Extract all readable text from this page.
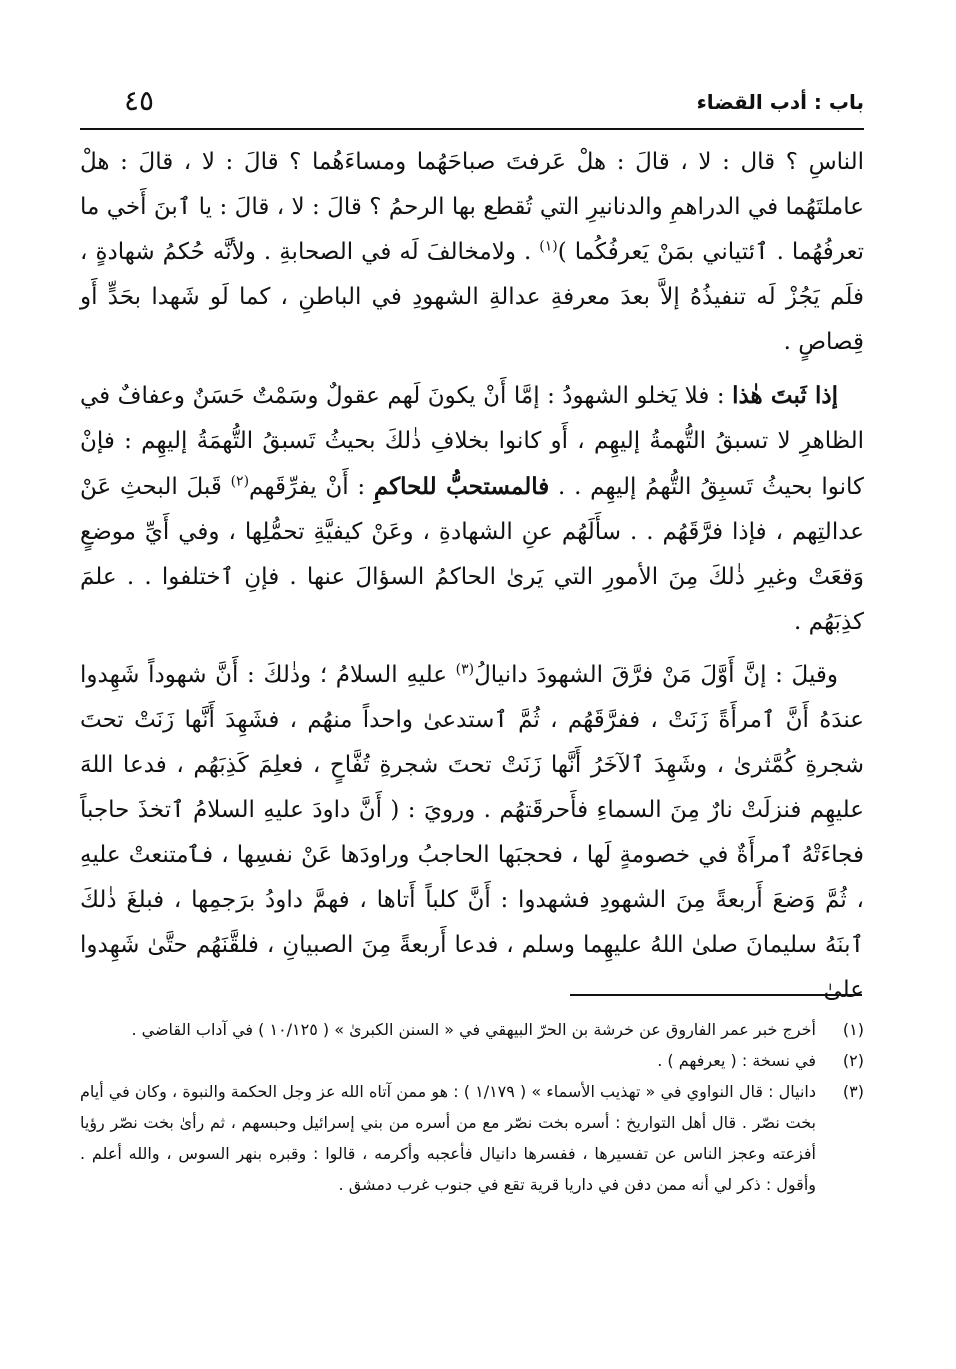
باب : أدب القضاء
٤٥

الناسِ ؟ قال : لا ، قالَ : هلْ عَرفتَ صباحَهُما ومساءَهُما ؟ قالَ : لا ، قالَ : هلْ عاملتَهُما في الدراهمِ والدنانيرِ التي تُقطع بها الرحمُ ؟ قالَ : لا ، قالَ : يا ٱبنَ أَخي ما تعرفُهُما . ٱئتياني بمَنْ يَعرفُكُما )$^{(١)}$ . ولامخالفَ لَه في الصحابةِ . ولأنَّه حُكمُ شهادةٍ ، فلَم يَجُزْ لَه تنفيذُهُ إلاَّ بعدَ معرفةِ عدالةِ الشهودِ في الباطنِ ، كما لَو شَهدا بحَدٍّ أَو قِصاصٍ .

إذا ثَبتَ هٰذا : فلا يَخلو الشهودُ : إمَّا أَنْ يكونَ لَهم عقولٌ وسَمْتٌ حَسَنٌ وعفافٌ في الظاهرِ لا تسبقُ التُّهمةُ إليهِم ، أَو كانوا بخلافِ ذٰلكَ بحيثُ تَسبقُ التُّهمَةُ إليهِم : فإنْ كانوا بحيثُ تَسبِقُ التُّهمُ إليهِم . . فالمستحبُّ للحاكمِ : أَنْ يفرِّقَهم$^{(٢)}$ قَبلَ البحثِ عَنْ عدالتِهم ، فإذا فرَّقَهُم . . سأَلَهُم عنِ الشهادةِ ، وعَنْ كيفيَّةِ تحمُّلِها ، وفي أَيِّ موضعٍ وَقعَتْ وغيرِ ذٰلكَ مِنَ الأمورِ التي يَرىٰ الحاكمُ السؤالَ عنها . فإنِ ٱختلفوا . . علمَ كذِبَهُم .

وقيلَ : إنَّ أَوَّلَ مَنْ فرَّقَ الشهودَ دانيالُ$^{(٣)}$ عليهِ السلامُ ؛ وذٰلكَ : أَنَّ شهوداً شَهِدوا عندَهُ أَنَّ ٱمرأَةً زَنَتْ ، ففرَّقَهُم ، ثُمَّ ٱستدعىٰ واحداً منهُم ، فشَهِدَ أَنَّها زَنَتْ تحتَ شجرةِ كُمَّثرىٰ ، وشَهِدَ ٱلآخَرُ أَنَّها زَنَتْ تحتَ شجرةِ تُفَّاحٍ ، فعلِمَ كَذِبَهُم ، فدعا اللهَ عليهِم فنزلَتْ نارٌ مِنَ السماءِ فأَحرقَتهُم . ورويَ : ( أَنَّ داودَ عليهِ السلامُ ٱتخذَ حاجباً فجاءَتْهُ ٱمرأَةٌ في خصومةٍ لَها ، فحجبَها الحاجبُ وراودَها عَنْ نفسِها ، فٱمتنعتْ عليهِ ، ثُمَّ وَضعَ أَربعةً مِنَ الشهودِ فشهدوا : أَنَّ كلباً أَتاها ، فهمَّ داودُ برَجمِها ، فبلغَ ذٰلكَ ٱبنَهُ سليمانَ صلىٰ اللهُ عليهِما وسلم ، فدعا أَربعةً مِنَ الصبيانِ ، فلقَّنَهُم حتَّىٰ شَهِدوا علىٰ

(١)
أخرج خبر عمر الفاروق عن خرشة بن الحرّ البيهقي في « السنن الكبرىٰ » ( ١٠/١٢٥ ) في آداب القاضي .
(٢)
في نسخة : ( يعرفهم ) .
(٣)
دانيال : قال النواوي في « تهذيب الأسماء » ( ١/١٧٩ ) : هو ممن آتاه الله عز وجل الحكمة والنبوة ، وكان في أيام بخت نصّر . قال أهل التواريخ : أسره بخت نصّر مع من أسره من بني إسرائيل وحبسهم ، ثم رأىٰ بخت نصّر رؤيا أفزعته وعجز الناس عن تفسيرها ، ففسرها دانيال فأعجبه وأكرمه ، قالوا : وقبره بنهر السوس ، والله أعلم . وأقول : ذكر لي أنه ممن دفن في داريا قرية تقع في جنوب غرب دمشق .
